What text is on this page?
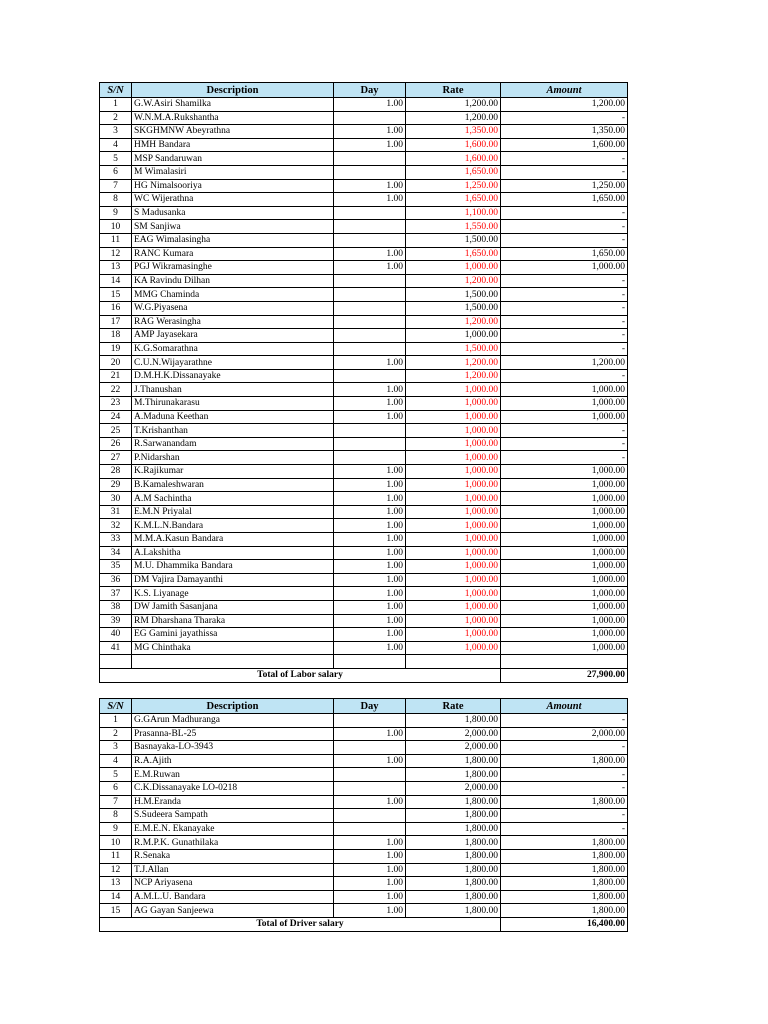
S/N	Description	Day	Rate	Amount
1	G.W.Asiri Shamilka	1.00	1,200.00	1,200.00
2	W.N.M.A.Rukshantha		1,200.00	-
3	SKGHMNW Abeyrathna	1.00	1,350.00	1,350.00
4	HMH Bandara	1.00	1,600.00	1,600.00
5	MSP Sandaruwan		1,600.00	-
6	M Wimalasiri		1,650.00	-
7	HG Nimalsooriya	1.00	1,250.00	1,250.00
8	WC Wijerathna	1.00	1,650.00	1,650.00
9	S Madusanka		1,100.00	-
10	SM Sanjiwa		1,550.00	-
11	EAG Wimalasingha		1,500.00	-
12	RANC Kumara	1.00	1,650.00	1,650.00
13	PGJ Wikramasinghe	1.00	1,000.00	1,000.00
14	KA Ravindu Dilhan		1,200.00	-
15	MMG Chaminda		1,500.00	-
16	W.G.Piyasena		1,500.00	-
17	RAG Werasingha		1,200.00	-
18	AMP Jayasekara		1,000.00	-
19	K.G.Somarathna		1,500.00	-
20	C.U.N.Wijayarathne	1.00	1,200.00	1,200.00
21	D.M.H.K.Dissanayake		1,200.00	-
22	J.Thanushan	1.00	1,000.00	1,000.00
23	M.Thirunakarasu	1.00	1,000.00	1,000.00
24	A.Maduna Keethan	1.00	1,000.00	1,000.00
25	T.Krishanthan		1,000.00	-
26	R.Sarwanandam		1,000.00	-
27	P.Nidarshan		1,000.00	-
28	K.Rajikumar	1.00	1,000.00	1,000.00
29	B.Kamaleshwaran	1.00	1,000.00	1,000.00
30	A.M Sachintha	1.00	1,000.00	1,000.00
31	E.M.N Priyalal	1.00	1,000.00	1,000.00
32	K.M.L.N.Bandara	1.00	1,000.00	1,000.00
33	M.M.A.Kasun Bandara	1.00	1,000.00	1,000.00
34	A.Lakshitha	1.00	1,000.00	1,000.00
35	M.U. Dhammika Bandara	1.00	1,000.00	1,000.00
36	DM Vajira Damayanthi	1.00	1,000.00	1,000.00
37	K.S. Liyanage	1.00	1,000.00	1,000.00
38	DW Jamith Sasanjana	1.00	1,000.00	1,000.00
39	RM Dharshana Tharaka	1.00	1,000.00	1,000.00
40	EG Gamini jayathissa	1.00	1,000.00	1,000.00
41	MG Chinthaka	1.00	1,000.00	1,000.00

Total of Labor salary				27,900.00
S/N	Description	Day	Rate	Amount
1	G.GArun Madhuranga		1,800.00	-
2	Prasanna-BL-25	1.00	2,000.00	2,000.00
3	Basnayaka-LO-3943		2,000.00	-
4	R.A.Ajith	1.00	1,800.00	1,800.00
5	E.M.Ruwan		1,800.00	-
6	C.K.Dissanayake LO-0218		2,000.00	-
7	H.M.Eranda	1.00	1,800.00	1,800.00
8	S.Sudeera Sampath		1,800.00	-
9	E.M.E.N. Ekanayake		1,800.00	-
10	R.M.P.K. Gunathilaka	1.00	1,800.00	1,800.00
11	R.Senaka	1.00	1,800.00	1,800.00
12	T.J.Allan	1.00	1,800.00	1,800.00
13	NCP Ariyasena	1.00	1,800.00	1,800.00
14	A.M.L.U. Bandara	1.00	1,800.00	1,800.00
15	AG Gayan Sanjeewa	1.00	1,800.00	1,800.00
Total of Driver salary				16,400.00
